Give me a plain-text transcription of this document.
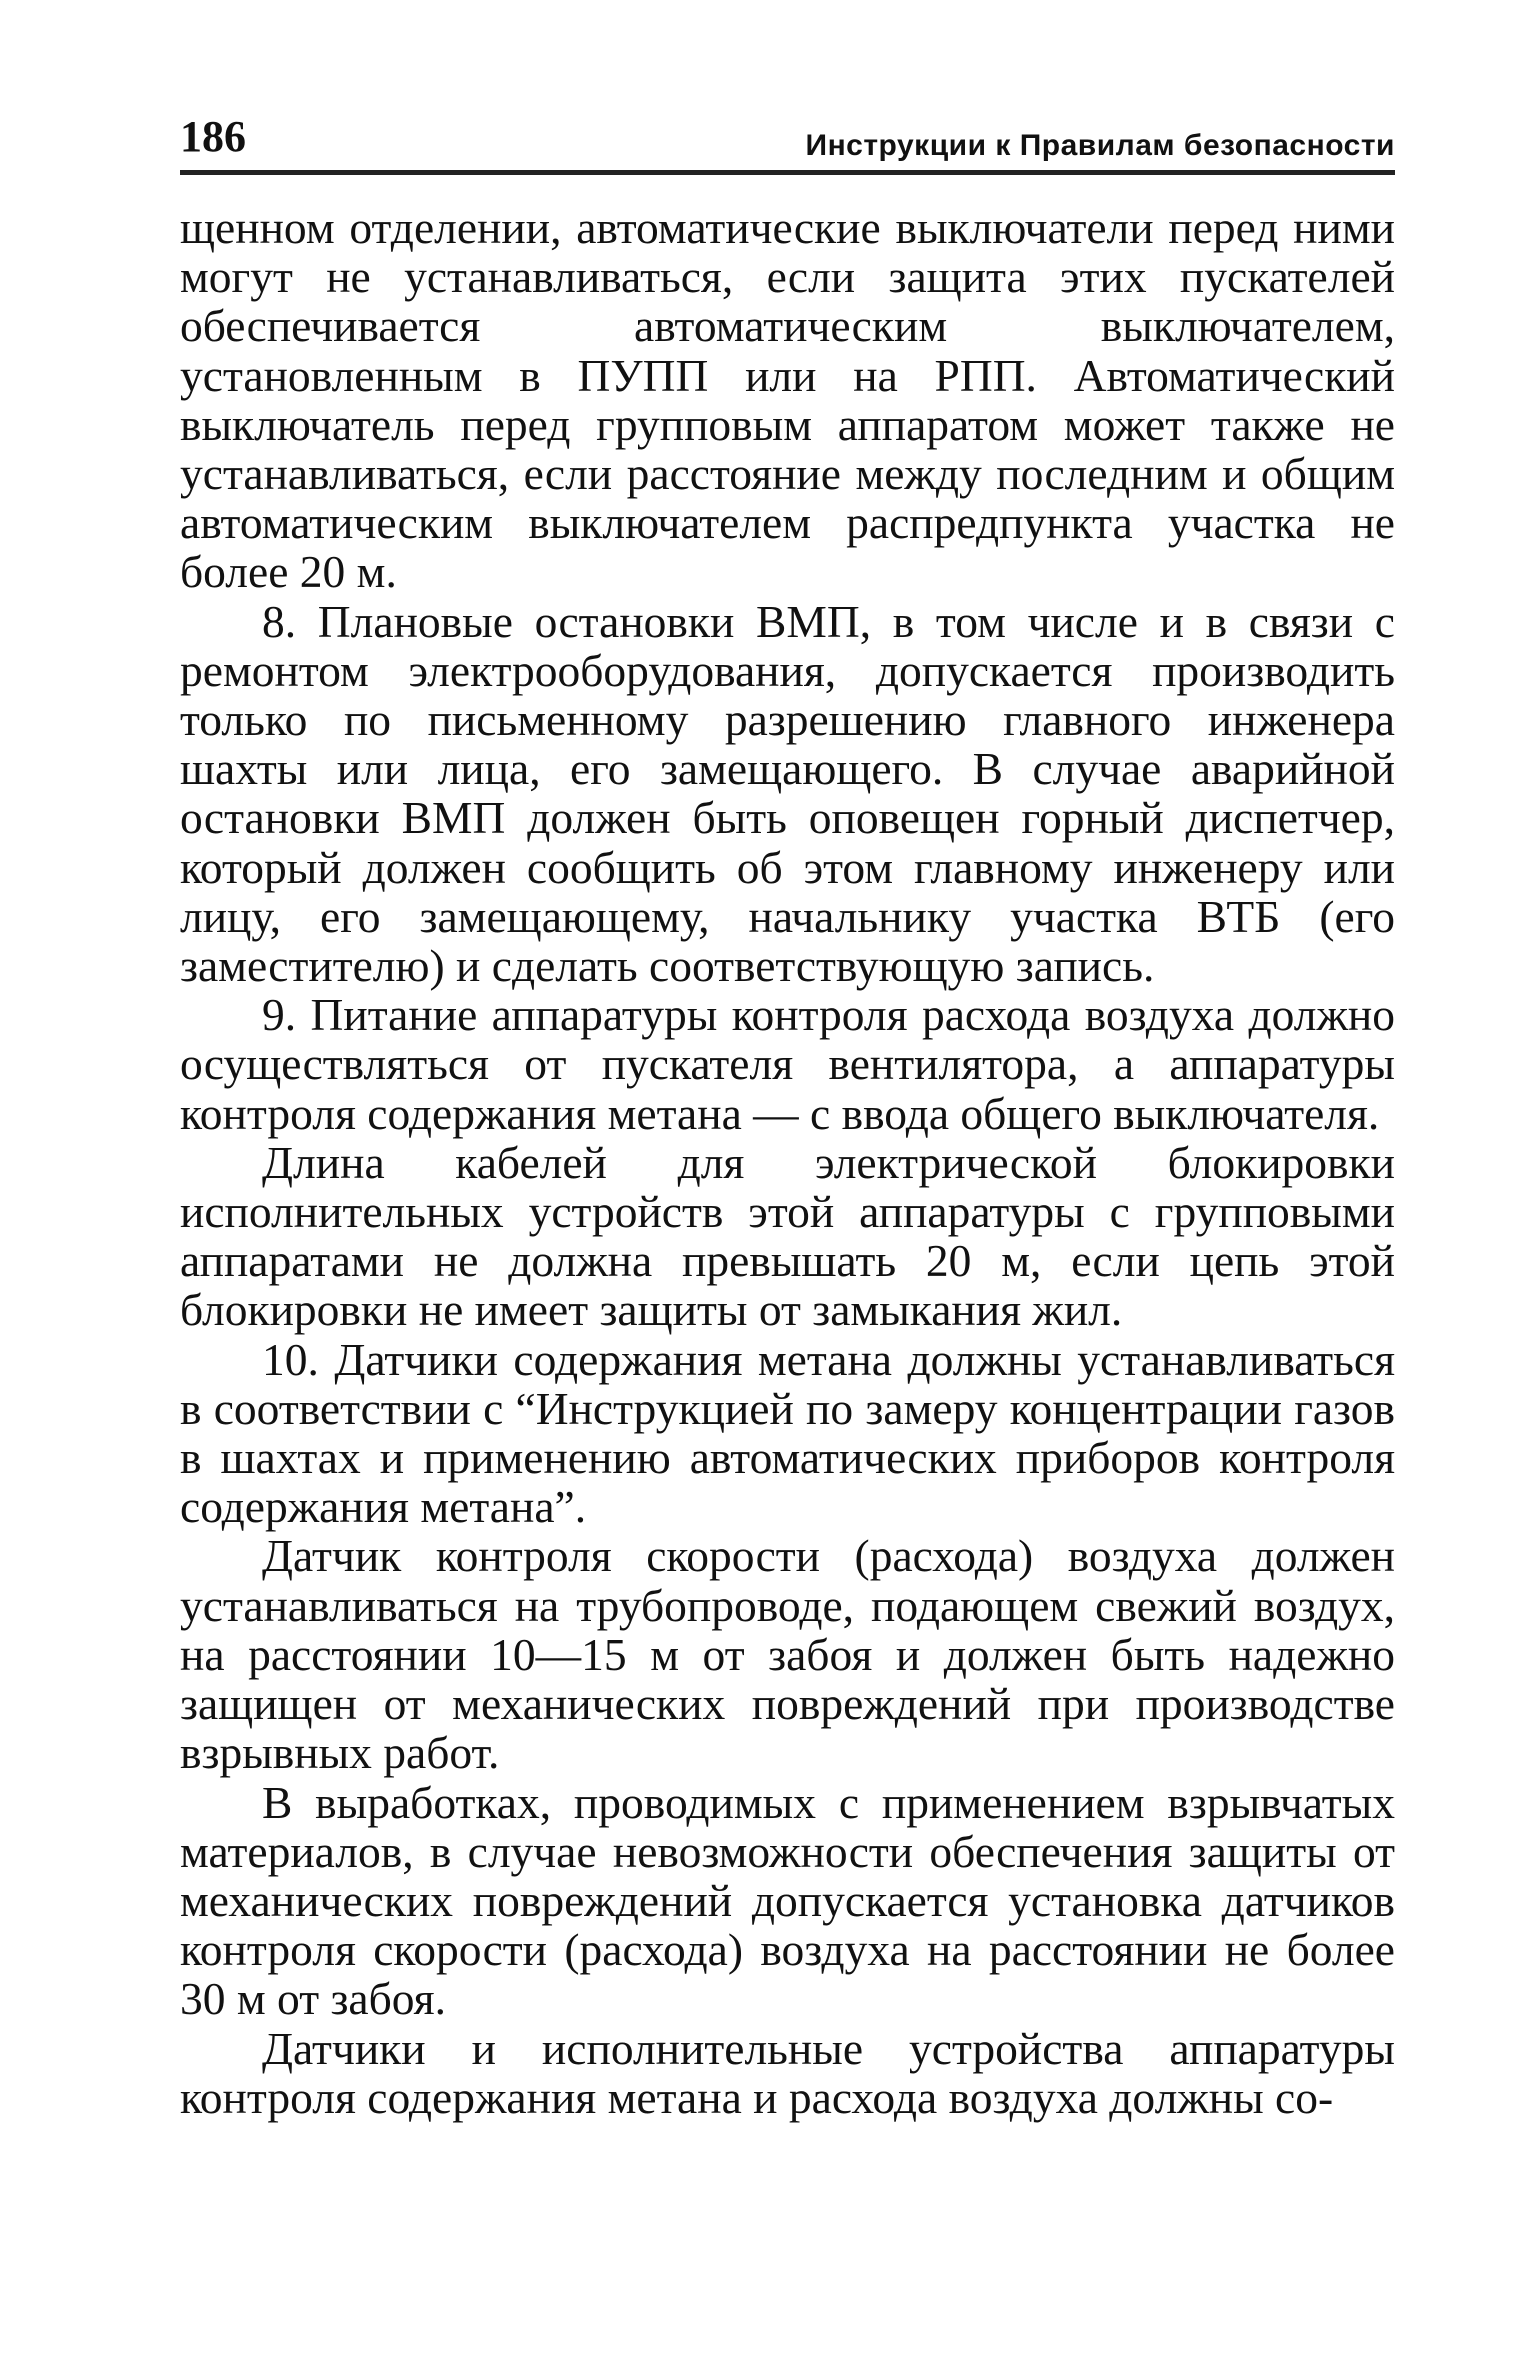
186	Инструкции к Правилам безопасности

щенном отделении, автоматические выключатели перед ними могут не устанавливаться, если защита этих пускателей обеспечивается автоматическим выключателем, установленным в ПУПП или на РПП. Автоматический выключатель перед групповым аппаратом может также не устанавливаться, если расстояние между последним и общим автоматическим выключателем распредпункта участка не более 20 м.

8. Плановые остановки ВМП, в том числе и в связи с ремонтом электрооборудования, допускается производить только по письменному разрешению главного инженера шахты или лица, его замещающего. В случае аварийной остановки ВМП должен быть оповещен горный диспетчер, который должен сообщить об этом главному инженеру или лицу, его замещающему, начальнику участка ВТБ (его заместителю) и сделать соответствующую запись.

9. Питание аппаратуры контроля расхода воздуха должно осуществляться от пускателя вентилятора, а аппаратуры контроля содержания метана — с ввода общего выключателя.

Длина кабелей для электрической блокировки исполнительных устройств этой аппаратуры с групповыми аппаратами не должна превышать 20 м, если цепь этой блокировки не имеет защиты от замыкания жил.

10. Датчики содержания метана должны устанавливаться в соответствии с “Инструкцией по замеру концентрации газов в шахтах и применению автоматических приборов контроля содержания метана”.

Датчик контроля скорости (расхода) воздуха должен устанавливаться на трубопроводе, подающем свежий воздух, на расстоянии 10—15 м от забоя и должен быть надежно защищен от механических повреждений при производстве взрывных работ.

В выработках, проводимых с применением взрывчатых материалов, в случае невозможности обеспечения защиты от механических повреждений допускается установка датчиков контроля скорости (расхода) воздуха на расстоянии не более 30 м от забоя.

Датчики и исполнительные устройства аппаратуры контроля содержания метана и расхода воздуха должны со-
